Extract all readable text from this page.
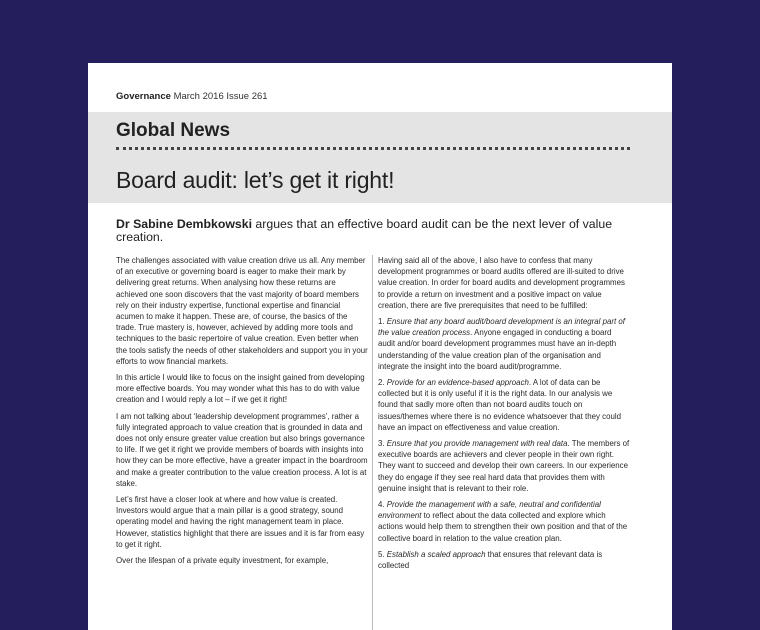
Governance March 2016 Issue 261
Global News
Board audit: let’s get it right!
Dr Sabine Dembkowski argues that an effective board audit can be the next lever of value creation.

The challenges associated with value creation drive us all. Any member of an executive or governing board is eager to make their mark by delivering great returns. When analysing how these returns are achieved one soon discovers that the vast majority of board members rely on their industry expertise, functional expertise and financial acumen to make it happen. These are, of course, the basics of the trade. True mastery is, however, achieved by adding more tools and techniques to the basic repertoire of value creation. Even better when the tools satisfy the needs of other stakeholders and support you in your efforts to wow financial markets.

In this article I would like to focus on the insight gained from developing more effective boards. You may wonder what this has to do with value creation and I would reply a lot – if we get it right!

I am not talking about ‘leadership development programmes’, rather a fully integrated approach to value creation that is grounded in data and does not only ensure greater value creation but also brings governance to life. If we get it right we provide members of boards with insights into how they can be more effective, have a greater impact in the boardroom and make a greater contribution to the value creation process. A lot is at stake.

Let’s first have a closer look at where and how value is created. Investors would argue that a main pillar is a good strategy, sound operating model and having the right management team in place. However, statistics highlight that there are issues and it is far from easy to get it right.

Over the lifespan of a private equity investment, for example,

Having said all of the above, I also have to confess that many development programmes or board audits offered are ill-suited to drive value creation. In order for board audits and development programmes to provide a return on investment and a positive impact on value creation, there are five prerequisites that need to be fulfilled:

1. Ensure that any board audit/board development is an integral part of the value creation process. Anyone engaged in conducting a board audit and/or board development programmes must have an in-depth understanding of the value creation plan of the organisation and integrate the insight into the board audit/programme.

2. Provide for an evidence-based approach. A lot of data can be collected but it is only useful if it is the right data. In our analysis we found that sadly more often than not board audits touch on issues/themes where there is no evidence whatsoever that they could have an impact on effectiveness and value creation.

3. Ensure that you provide management with real data. The members of executive boards are achievers and clever people in their own right. They want to succeed and develop their own careers. In our experience they do engage if they see real hard data that provides them with genuine insight that is relevant to their role.

4. Provide the management with a safe, neutral and confidential environment to reflect about the data collected and explore which actions would help them to strengthen their own position and that of the collective board in relation to the value creation plan.

5. Establish a scaled approach that ensures that relevant data is collected
